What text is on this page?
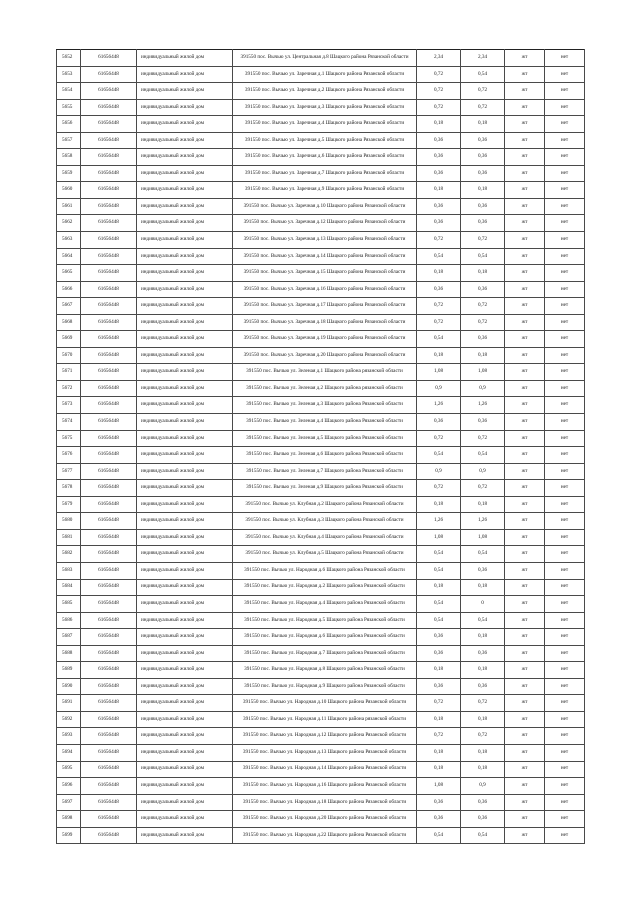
5652	61656448	индивидуальный жилой дом	391550 пос. Вычью ул. Центральная д.8 Шацкого района Рязанской области	2,34	2,34	жт	нет
5653	61656448	индивидуальный жилой дом	391550 пос. Вычью ул. Заречная д.1 Шацкого района Рязанской области	0,72	0,54	жт	нет
5654	61656448	индивидуальный жилой дом	391550 пос. Вычью ул. Заречная д.2 Шацкого района Рязанской области	0,72	0,72	жт	нет
5655	61656448	индивидуальный жилой дом	391550 пос. Вычью ул. Заречная д.3 Шацкого района Рязанской области	0,72	0,72	жт	нет
5656	61656448	индивидуальный жилой дом	391550 пос. Вычью ул. Заречная д.4 Шацкого района Рязанской области	0,18	0,18	жт	нет
5657	61656448	индивидуальный жилой дом	391550 пос. Вычью ул. Заречная д.5 Шацкого района Рязанской области	0,36	0,36	жт	нет
5658	61656448	индивидуальный жилой дом	391550 пос. Вычью ул. Заречная д.6 Шацкого района Рязанской области	0,36	0,36	жт	нет
5659	61656448	индивидуальный жилой дом	391550 пос. Вычью ул. Заречная д.7 Шацкого района Рязанской области	0,36	0,36	жт	нет
5660	61656448	индивидуальный жилой дом	391550 пос. Вычью ул. Заречная д.9 Шацкого района Рязанской области	0,18	0,18	жт	нет
5661	61656448	индивидуальный жилой дом	391550 пос. Вычью ул. Заречная д.10 Шацкого района Рязанской области	0,36	0,36	жт	нет
5662	61656448	индивидуальный жилой дом	391550 пос. Вычью ул. Заречная д.12 Шацкого района Рязанской области	0,36	0,36	жт	нет
5663	61656448	индивидуальный жилой дом	391550 пос. Вычью ул. Заречная д.13 Шацкого района Рязанской области	0,72	0,72	жт	нет
5664	61656448	индивидуальный жилой дом	391550 пос. Вычью ул. Заречная д.14 Шацкого района Рязанской области	0,54	0,54	жт	нет
5665	61656448	индивидуальный жилой дом	391550 пос. Вычью ул. Заречная д.15 Шацкого района Рязанской области	0,18	0,18	жт	нет
5666	61656448	индивидуальный жилой дом	391550 пос. Вычью ул. Заречная д.16 Шацкого района Рязанской области	0,36	0,36	жт	нет
5667	61656448	индивидуальный жилой дом	391550 пос. Вычью ул. Заречная д.17 Шацкого района Рязанской области	0,72	0,72	жт	нет
5668	61656448	индивидуальный жилой дом	391550 пос. Вычью ул. Заречная д.18 Шацкого района Рязанской области	0,72	0,72	жт	нет
5669	61656448	индивидуальный жилой дом	391550 пос. Вычью ул. Заречная д.19 Шацкого района Рязанской области	0,54	0,36	жт	нет
5670	61656448	индивидуальный жилой дом	391550 пос. Вычью ул. Заречная д.20 Шацкого района Рязанской области	0,18	0,18	жт	нет
5671	61656448	индивидуальный жилой дом	391550 пос. Вычью ул. Зеленая д.1 Шацкого района рязанской области	1,08	1,08	жт	нет
5672	61656448	индивидуальный жилой дом	391550 пос. Вычью ул. Зеленая д.2 Шацкого района рязанской области	0,9	0,9	жт	нет
5673	61656448	индивидуальный жилой дом	391550 пос. Вычью ул. Зеленая д.3 Шацкого района Рязанской области	1,26	1,26	жт	нет
5674	61656448	индивидуальный жилой дом	391550 пос. Вычью ул. Зеленая д.4 Шацкого района Рязанской области	0,36	0,36	жт	нет
5675	61656448	индивидуальный жилой дом	391550 пос. Вычью ул. Зеленая д.5 Шацкого района Рязанской области	0,72	0,72	жт	нет
5676	61656448	индивидуальный жилой дом	391550 пос. Вычью ул. Зеленая д.6 Шацкого района Рязанской области	0,54	0,54	жт	нет
5677	61656448	индивидуальный жилой дом	391550 пос. Вычью ул. Зеленая д.7 Шацкого района Рязанской области	0,9	0,9	жт	нет
5678	61656448	индивидуальный жилой дом	391550 пос. Вычью ул. Зеленая д.9 Шацкого района Рязанской области	0,72	0,72	жт	нет
5679	61656448	индивидуальный жилой дом	391550 пос. Вычью ул. Клубная д.2 Шацкого района Рязанской области	0,18	0,18	жт	нет
5680	61656448	индивидуальный жилой дом	391550 пос. Вычью ул. Клубная д.3 Шацкого района Рязанской области	1,26	1,26	жт	нет
5681	61656448	индивидуальный жилой дом	391550 пос. Вычью ул. Клубная д.4 Шацкого района Рязанской области	1,08	1,08	жт	нет
5682	61656448	индивидуальный жилой дом	391550 пос. Вычью ул. Клубная д.5 Шацкого района Рязанской области	0,54	0,54	жт	нет
5683	61656448	индивидуальный жилой дом	391550 пос. Вычью ул. Народная д.6 Шацкого района Рязанской области	0,54	0,36	жт	нет
5684	61656448	индивидуальный жилой дом	391550 пос. Вычью ул. Народная д.2 Шацкого района Рязанской области	0,18	0,18	жт	нет
5685	61656448	индивидуальный жилой дом	391550 пос. Вычью ул. Народная д.4 Шацкого района Рязанской области	0,54	0	жт	нет
5686	61656448	индивидуальный жилой дом	391550 пос. Вычью ул. Народная д.5 Шацкого района Рязанской области	0,54	0,54	жт	нет
5687	61656448	индивидуальный жилой дом	391550 пос. Вычью ул. Народная д.6 Шацкого района Рязанской области	0,36	0,18	жт	нет
5688	61656448	индивидуальный жилой дом	391550 пос. Вычью ул. Народная д.7 Шацкого района Рязанской области	0,36	0,36	жт	нет
5689	61656448	индивидуальный жилой дом	391550 пос. Вычью ул. Народная д.8 Шацкого района Рязанской области	0,18	0,18	жт	нет
5690	61656448	индивидуальный жилой дом	391550 пос. Вычью ул. Народная д.9 Шацкого района Рязанской области	0,36	0,36	жт	нет
5691	61656448	индивидуальный жилой дом	391550 пос. Вычью ул. Народная д.10 Шацкого района Рязанской области	0,72	0,72	жт	нет
5692	61656448	индивидуальный жилой дом	391550 пос. Вычью ул. Народная д.11 Шацкого района рязанской области	0,18	0,18	жт	нет
5693	61656448	индивидуальный жилой дом	391550 пос. Вычью ул. Народная д.12 Шацкого района Рязанской области	0,72	0,72	жт	нет
5694	61656448	индивидуальный жилой дом	391550 пос. Вычью ул. Народная д.13 Шацкого района Рязанской области	0,18	0,18	жт	нет
5695	61656448	индивидуальный жилой дом	391550 пос. Вычью ул. Народная д.14 Шацкого района Рязанской области	0,18	0,18	жт	нет
5696	61656448	индивидуальный жилой дом	391550 пос. Вычью ул. Народная д.16 Шацкого района Рязанской области	1,08	0,9	жт	нет
5697	61656448	индивидуальный жилой дом	391550 пос. Вычью ул. Народная д.18 Шацкого района Рязанской области	0,36	0,36	жт	нет
5698	61656448	индивидуальный жилой дом	391550 пос. Вычью ул. Народная д.20 Шацкого района Рязанской области	0,36	0,36	жт	нет
5699	61656448	индивидуальный жилой дом	391550 пос. Вычью ул. Народная д.22 Шацкого района Рязанской области	0,54	0,54	жт	нет
